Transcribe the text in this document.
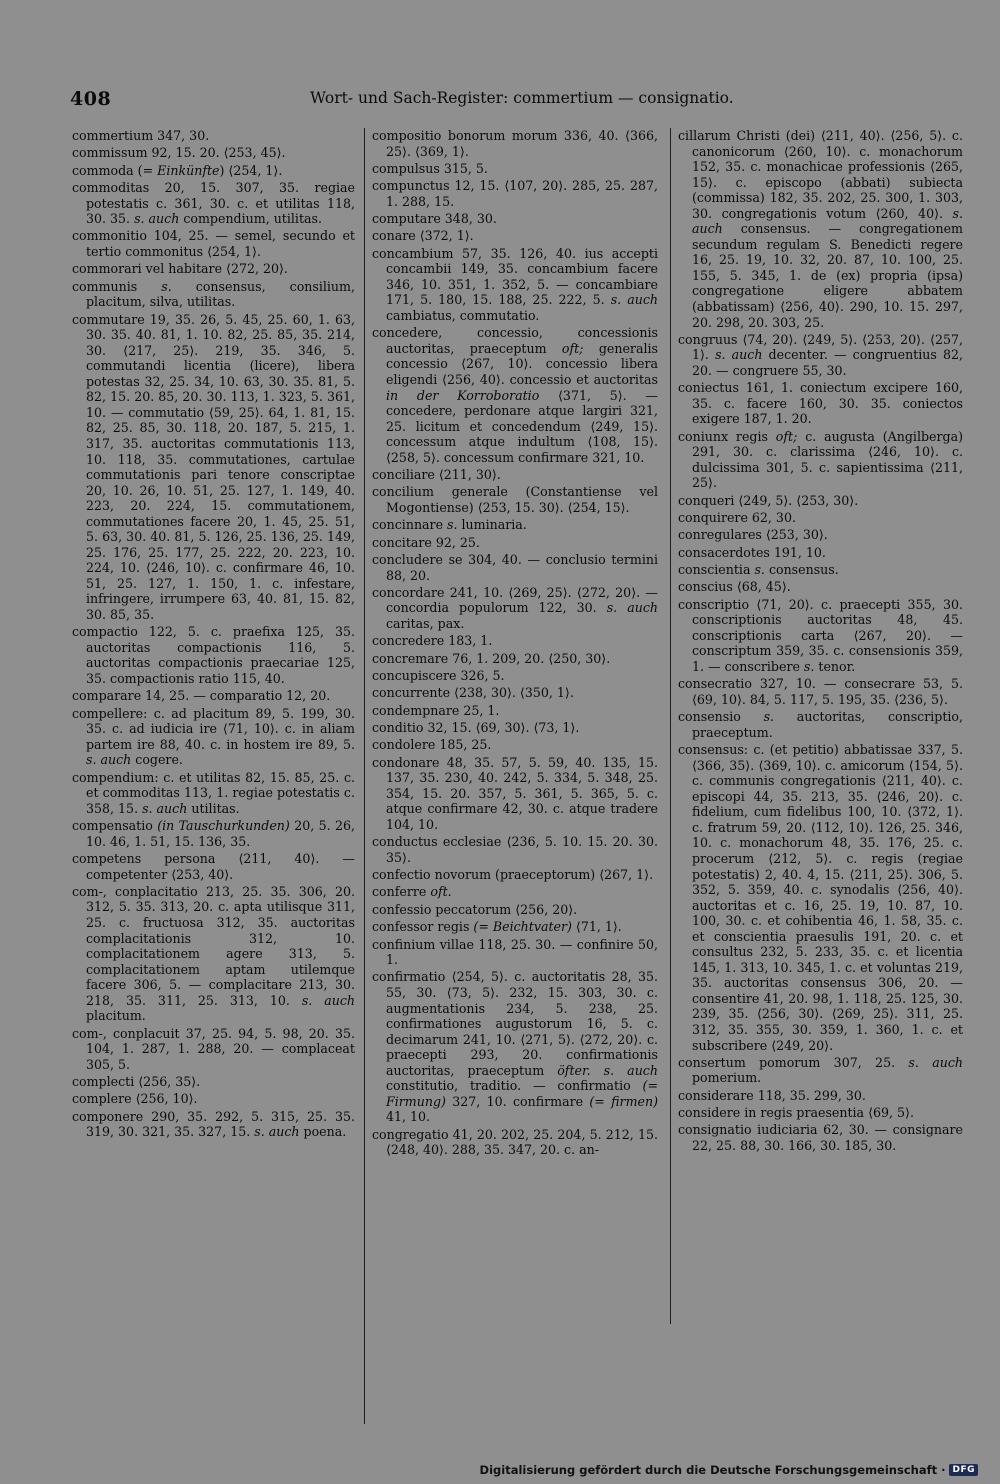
408	Wort- und Sach-Register: commertium — consignatio.
commertium 347, 30.
commissum 92, 15. 20. ⟨253, 45⟩.
commoda (= Einkünfte) ⟨254, 1⟩.
commoditas 20, 15. 307, 35. regiae potestatis c. 361, 30. c. et utilitas 118, 30. 35. s. auch compendium, utilitas.
commonitio 104, 25. — semel, secundo et tertio commonitus ⟨254, 1⟩.
commorari vel habitare ⟨272, 20⟩.
communis s. consensus, consilium, placitum, silva, utilitas.
commutare 19, 35. 26, 5. 45, 25. 60, 1. 63, 30. 35. 40. 81, 1. 10. 82, 25. 85, 35. 214, 30. ⟨217, 25⟩. 219, 35. 346, 5. commutandi licentia (licere), libera potestas 32, 25. 34, 10. 63, 30. 35. 81, 5. 82, 15. 20. 85, 20. 30. 113, 1. 323, 5. 361, 10. — commutatio ⟨59, 25⟩. 64, 1. 81, 15. 82, 25. 85, 30. 118, 20. 187, 5. 215, 1. 317, 35. auctoritas commutationis 113, 10. 118, 35. commutationes, cartulae commutationis pari tenore conscriptae 20, 10. 26, 10. 51, 25. 127, 1. 149, 40. 223, 20. 224, 15. commutationem, commutationes facere 20, 1. 45, 25. 51, 5. 63, 30. 40. 81, 5. 126, 25. 136, 25. 149, 25. 176, 25. 177, 25. 222, 20. 223, 10. 224, 10. ⟨246, 10⟩. c. confirmare 46, 10. 51, 25. 127, 1. 150, 1. c. infestare, infringere, irrumpere 63, 40. 81, 15. 82, 30. 85, 35.
compactio 122, 5. c. praefixa 125, 35. auctoritas compactionis 116, 5. auctoritas compactionis praecariae 125, 35. compactionis ratio 115, 40.
comparare 14, 25. — comparatio 12, 20.
compellere: c. ad placitum 89, 5. 199, 30. 35. c. ad iudicia ire ⟨71, 10⟩. c. in aliam partem ire 88, 40. c. in hostem ire 89, 5. s. auch cogere.
compendium: c. et utilitas 82, 15. 85, 25. c. et commoditas 113, 1. regiae potestatis c. 358, 15. s. auch utilitas.
compensatio (in Tauschurkunden) 20, 5. 26, 10. 46, 1. 51, 15. 136, 35.
competens persona ⟨211, 40⟩. — competenter ⟨253, 40⟩.
com-, conplacitatio 213, 25. 35. 306, 20. 312, 5. 35. 313, 20. c. apta utilisque 311, 25. c. fructuosa 312, 35. auctoritas complacitationis 312, 10. complacitationem agere 313, 5. complacitationem aptam utilemque facere 306, 5. — complacitare 213, 30. 218, 35. 311, 25. 313, 10. s. auch placitum.
com-, conplacuit 37, 25. 94, 5. 98, 20. 35. 104, 1. 287, 1. 288, 20. — complaceat 305, 5.
complecti ⟨256, 35⟩.
complere ⟨256, 10⟩.
componere 290, 35. 292, 5. 315, 25. 35. 319, 30. 321, 35. 327, 15. s. auch poena.
compositio bonorum morum 336, 40. ⟨366, 25⟩. ⟨369, 1⟩.
compulsus 315, 5.
compunctus 12, 15. ⟨107, 20⟩. 285, 25. 287, 1. 288, 15.
computare 348, 30.
conare ⟨372, 1⟩.
concambium 57, 35. 126, 40. ius accepti concambii 149, 35. concambium facere 346, 10. 351, 1. 352, 5. — concambiare 171, 5. 180, 15. 188, 25. 222, 5. s. auch cambiatus, commutatio.
concedere, concessio, concessionis auctoritas, praeceptum oft; generalis concessio ⟨267, 10⟩. concessio libera eligendi ⟨256, 40⟩. concessio et auctoritas in der Korroboratio ⟨371, 5⟩. — concedere, perdonare atque largiri 321, 25. licitum et concedendum ⟨249, 15⟩. concessum atque indultum ⟨108, 15⟩. ⟨258, 5⟩. concessum confirmare 321, 10.
conciliare ⟨211, 30⟩.
concilium generale (Constantiense vel Mogontiense) ⟨253, 15. 30⟩. ⟨254, 15⟩.
concinnare s. luminaria.
concitare 92, 25.
concludere se 304, 40. — conclusio termini 88, 20.
concordare 241, 10. ⟨269, 25⟩. ⟨272, 20⟩. — concordia populorum 122, 30. s. auch caritas, pax.
concredere 183, 1.
concremare 76, 1. 209, 20. ⟨250, 30⟩.
concupiscere 326, 5.
concurrente ⟨238, 30⟩. ⟨350, 1⟩.
condempnare 25, 1.
conditio 32, 15. ⟨69, 30⟩. ⟨73, 1⟩.
condolere 185, 25.
condonare 48, 35. 57, 5. 59, 40. 135, 15. 137, 35. 230, 40. 242, 5. 334, 5. 348, 25. 354, 15. 20. 357, 5. 361, 5. 365, 5. c. atque confirmare 42, 30. c. atque tradere 104, 10.
conductus ecclesiae ⟨236, 5. 10. 15. 20. 30. 35⟩.
confectio novorum (praeceptorum) ⟨267, 1⟩.
conferre oft.
confessio peccatorum ⟨256, 20⟩.
confessor regis (= Beichtvater) ⟨71, 1⟩.
confinium villae 118, 25. 30. — confinire 50, 1.
confirmatio ⟨254, 5⟩. c. auctoritatis 28, 35. 55, 30. ⟨73, 5⟩. 232, 15. 303, 30. c. augmentationis 234, 5. 238, 25. confirmationes augustorum 16, 5. c. decimarum 241, 10. ⟨271, 5⟩. ⟨272, 20⟩. c. praecepti 293, 20. confirmationis auctoritas, praeceptum öfter. s. auch constitutio, traditio. — confirmatio (= Firmung) 327, 10. confirmare (= firmen) 41, 10.
congregatio 41, 20. 202, 25. 204, 5. 212, 15. ⟨248, 40⟩. 288, 35. 347, 20. c. an-
cillarum Christi (dei) ⟨211, 40⟩. ⟨256, 5⟩. c. canonicorum ⟨260, 10⟩. c. monachorum 152, 35. c. monachicae professionis ⟨265, 15⟩. c. episcopo (abbati) subiecta (commissa) 182, 35. 202, 25. 300, 1. 303, 30. congregationis votum ⟨260, 40⟩. s. auch consensus. — congregationem secundum regulam S. Benedicti regere 16, 25. 19, 10. 32, 20. 87, 10. 100, 25. 155, 5. 345, 1. de (ex) propria (ipsa) congregatione eligere abbatem (abbatissam) ⟨256, 40⟩. 290, 10. 15. 297, 20. 298, 20. 303, 25.
congruus ⟨74, 20⟩. ⟨249, 5⟩. ⟨253, 20⟩. ⟨257, 1⟩. s. auch decenter. — congruentius 82, 20. — congruere 55, 30.
coniectus 161, 1. coniectum excipere 160, 35. c. facere 160, 30. 35. coniectos exigere 187, 1. 20.
coniunx regis oft; c. augusta (Angilberga) 291, 30. c. clarissima ⟨246, 10⟩. c. dulcissima 301, 5. c. sapientissima ⟨211, 25⟩.
conqueri ⟨249, 5⟩. ⟨253, 30⟩.
conquirere 62, 30.
conregulares ⟨253, 30⟩.
consacerdotes 191, 10.
conscientia s. consensus.
conscius ⟨68, 45⟩.
conscriptio ⟨71, 20⟩. c. praecepti 355, 30. conscriptionis auctoritas 48, 45. conscriptionis carta ⟨267, 20⟩. — conscriptum 359, 35. c. consensionis 359, 1. — conscribere s. tenor.
consecratio 327, 10. — consecrare 53, 5. ⟨69, 10⟩. 84, 5. 117, 5. 195, 35. ⟨236, 5⟩.
consensio s. auctoritas, conscriptio, praeceptum.
consensus: c. (et petitio) abbatissae 337, 5. ⟨366, 35⟩. ⟨369, 10⟩. c. amicorum ⟨154, 5⟩. c. communis congregationis ⟨211, 40⟩. c. episcopi 44, 35. 213, 35. ⟨246, 20⟩. c. fidelium, cum fidelibus 100, 10. ⟨372, 1⟩. c. fratrum 59, 20. ⟨112, 10⟩. 126, 25. 346, 10. c. monachorum 48, 35. 176, 25. c. procerum ⟨212, 5⟩. c. regis (regiae potestatis) 2, 40. 4, 15. ⟨211, 25⟩. 306, 5. 352, 5. 359, 40. c. synodalis ⟨256, 40⟩. auctoritas et c. 16, 25. 19, 10. 87, 10. 100, 30. c. et cohibentia 46, 1. 58, 35. c. et conscientia praesulis 191, 20. c. et consultus 232, 5. 233, 35. c. et licentia 145, 1. 313, 10. 345, 1. c. et voluntas 219, 35. auctoritas consensus 306, 20. — consentire 41, 20. 98, 1. 118, 25. 125, 30. 239, 35. ⟨256, 30⟩. ⟨269, 25⟩. 311, 25. 312, 35. 355, 30. 359, 1. 360, 1. c. et subscribere ⟨249, 20⟩.
consertum pomorum 307, 25. s. auch pomerium.
considerare 118, 35. 299, 30.
considere in regis praesentia ⟨69, 5⟩.
consignatio iudiciaria 62, 30. — consignare 22, 25. 88, 30. 166, 30. 185, 30.
Digitalisierung gefördert durch die Deutsche Forschungsgemeinschaft · DFG
